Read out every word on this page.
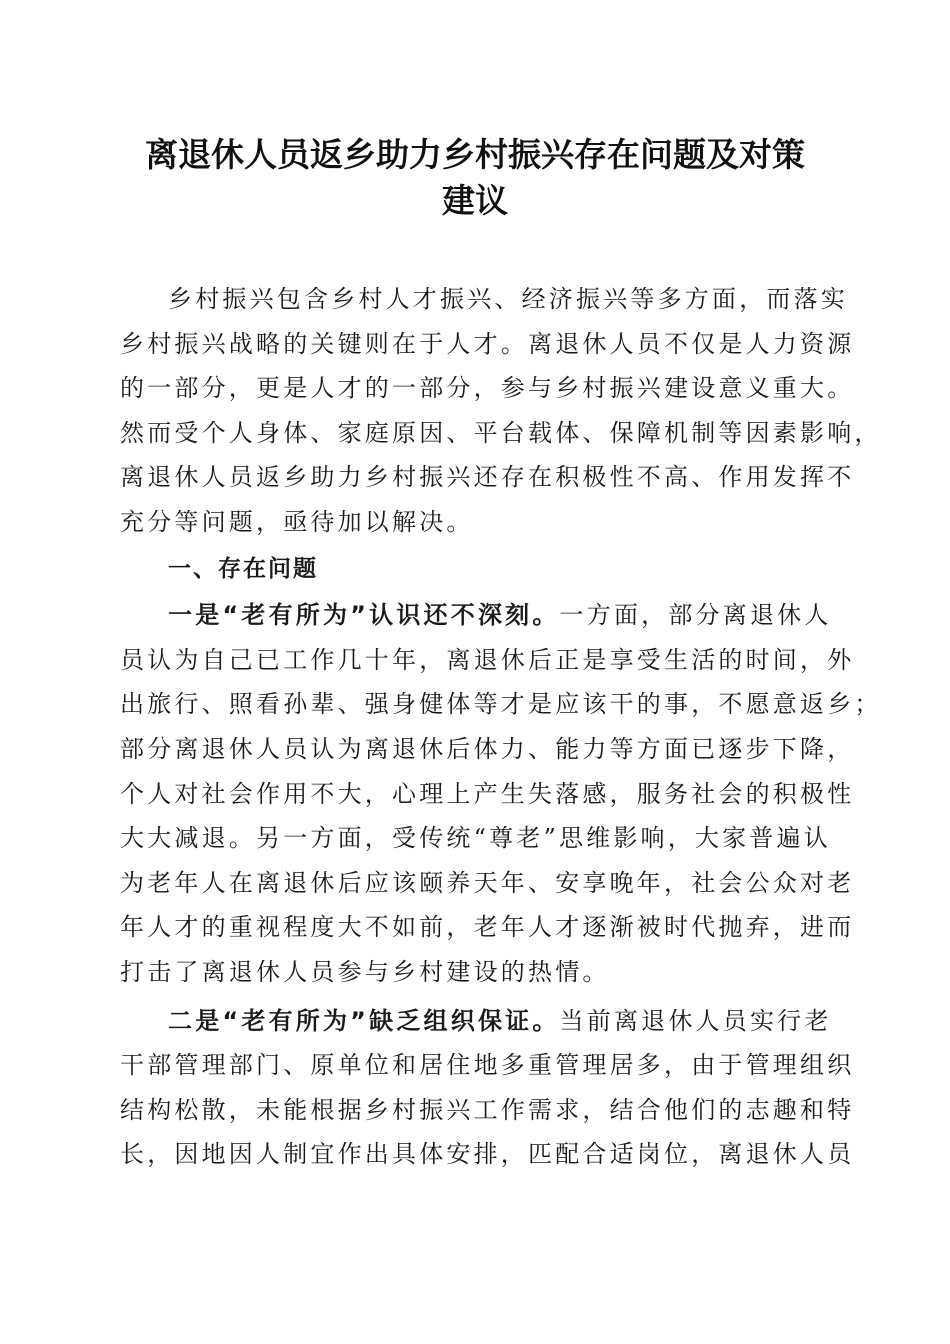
离退休人员返乡助力乡村振兴存在问题及对策
建议
乡村振兴包含乡村人才振兴、经济振兴等多方面，而落实
乡村振兴战略的关键则在于人才。离退休人员不仅是人力资源
的一部分，更是人才的一部分，参与乡村振兴建设意义重大。
然而受个人身体、家庭原因、平台载体、保障机制等因素影响，
离退休人员返乡助力乡村振兴还存在积极性不高、作用发挥不
充分等问题，亟待加以解决。
一、存在问题
一是“老有所为”认识还不深刻。一方面，部分离退休人
员认为自己已工作几十年，离退休后正是享受生活的时间，外
出旅行、照看孙辈、强身健体等才是应该干的事，不愿意返乡；
部分离退休人员认为离退休后体力、能力等方面已逐步下降，
个人对社会作用不大，心理上产生失落感，服务社会的积极性
大大减退。另一方面，受传统“尊老”思维影响，大家普遍认
为老年人在离退休后应该颐养天年、安享晚年，社会公众对老
年人才的重视程度大不如前，老年人才逐渐被时代抛弃，进而
打击了离退休人员参与乡村建设的热情。
二是“老有所为”缺乏组织保证。当前离退休人员实行老
干部管理部门、原单位和居住地多重管理居多，由于管理组织
结构松散，未能根据乡村振兴工作需求，结合他们的志趣和特
长，因地因人制宜作出具体安排，匹配合适岗位，离退休人员
